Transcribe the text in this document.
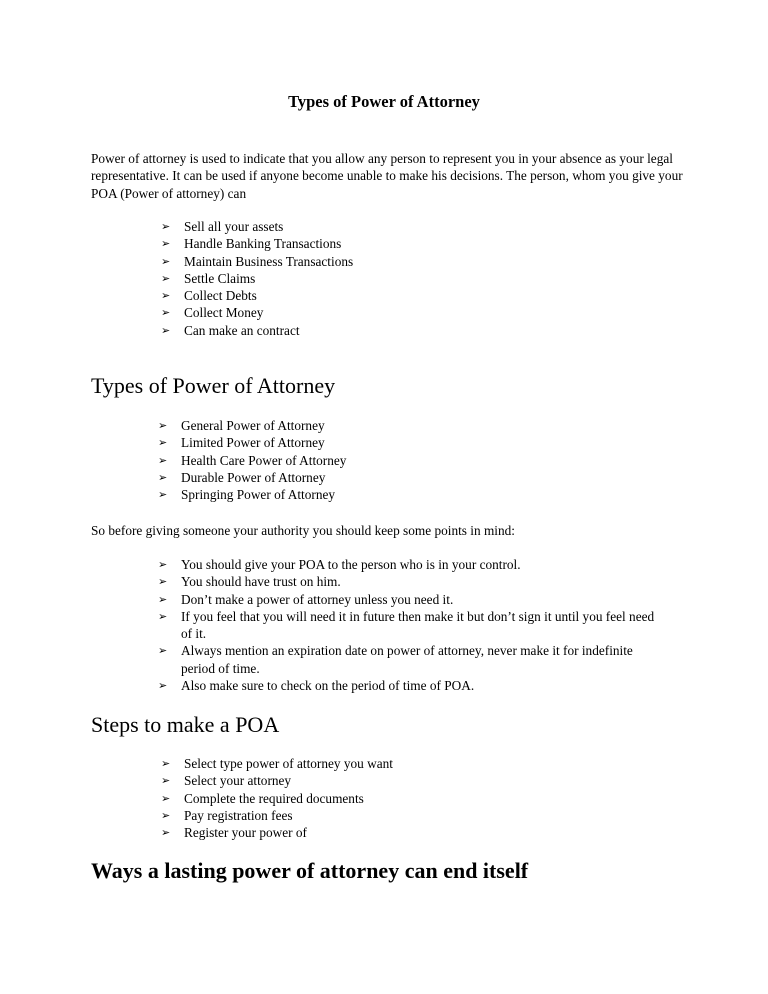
Types of Power of Attorney

Power of attorney is used to indicate that you allow any person to represent you in your absence as your legal representative. It can be used if anyone become unable to make his decisions. The person, whom you give your POA (Power of attorney) can

➢ Sell all your assets
➢ Handle Banking Transactions
➢ Maintain Business Transactions
➢ Settle Claims
➢ Collect Debts
➢ Collect Money
➢ Can make an contract
Types of Power of Attorney
➢ General Power of Attorney
➢ Limited Power of Attorney
➢ Health Care Power of Attorney
➢ Durable Power of Attorney
➢ Springing Power of Attorney

So before giving someone your authority you should keep some points in mind:

➢ You should give your POA to the person who is in your control.
➢ You should have trust on him.
➢ Don’t make a power of attorney unless you need it.
➢ If you feel that you will need it in future then make it but don’t sign it until you feel need of it.
➢ Always mention an expiration date on power of attorney, never make it for indefinite period of time.
➢ Also make sure to check on the period of time of POA.
Steps to make a POA
➢ Select type power of attorney you want
➢ Select your attorney
➢ Complete the required documents
➢ Pay registration fees
➢ Register your power of
Ways a lasting power of attorney can end itself
